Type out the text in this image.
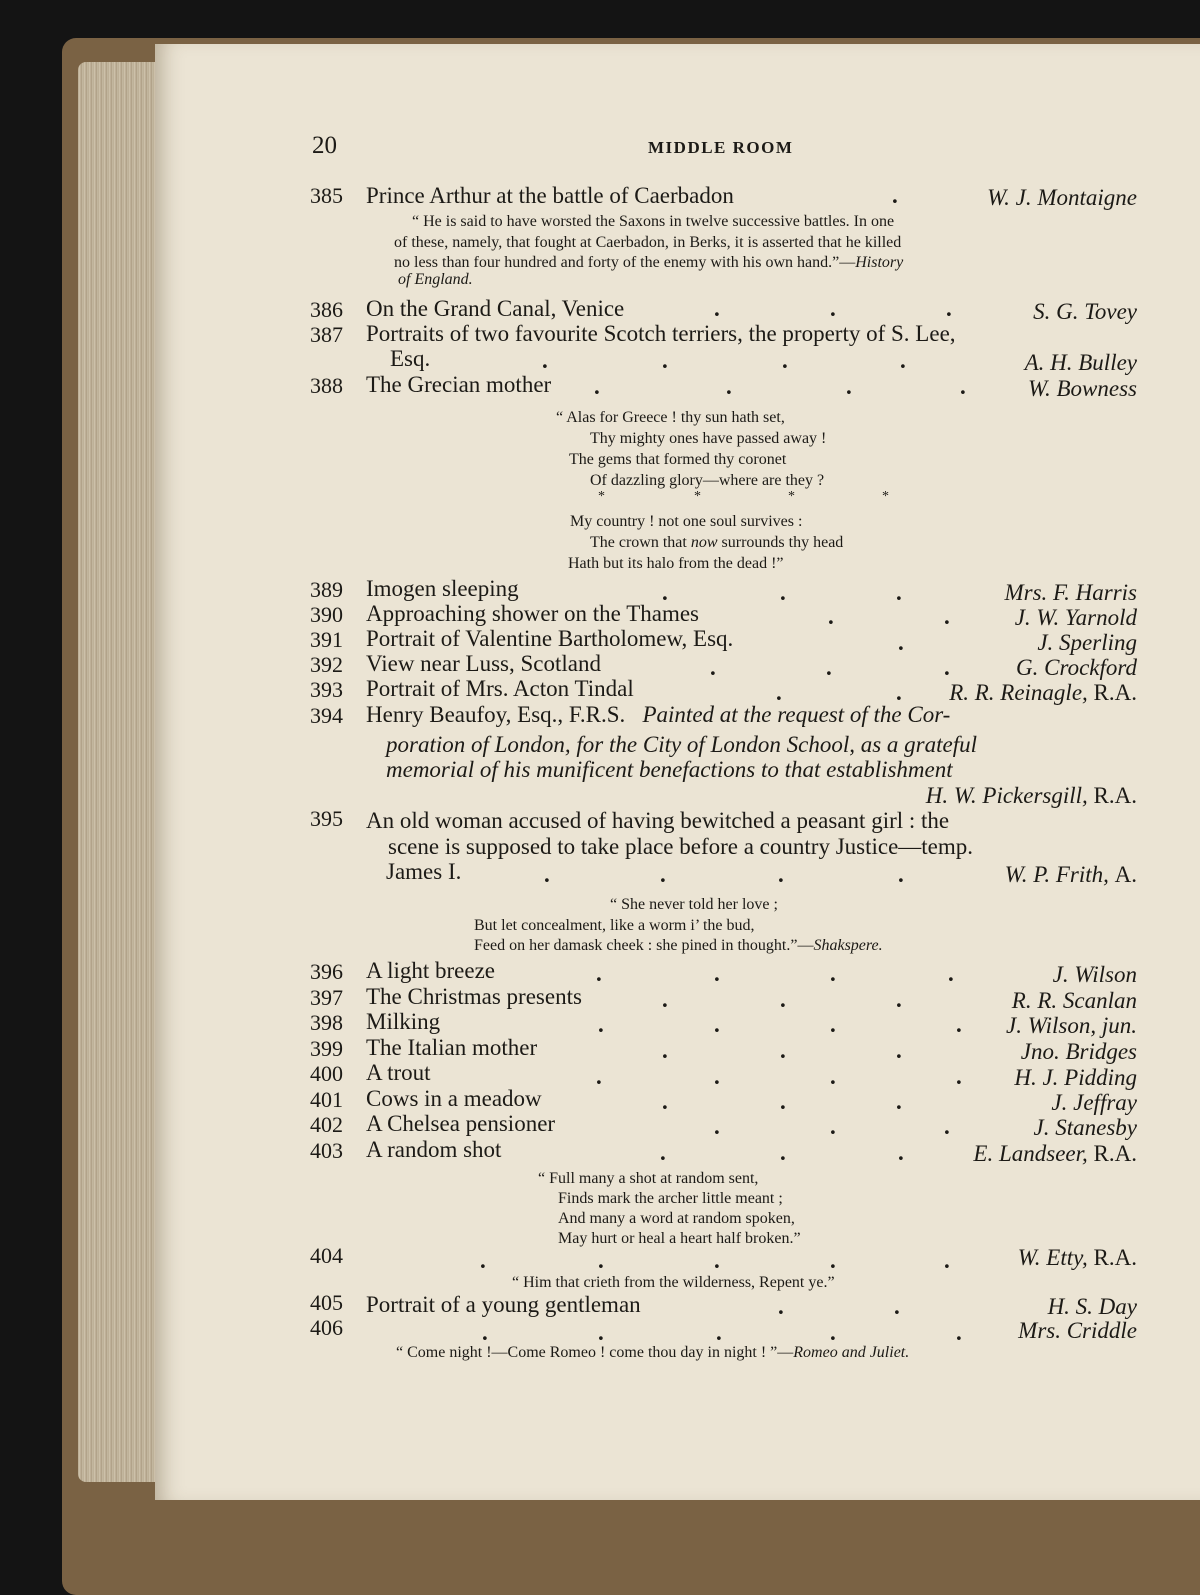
20	MIDDLE ROOM
385 Prince Arthur at the battle of Caerbadon	.	W. J. Montaigne
“ He is said to have worsted the Saxons in twelve successive battles. In one
of these, namely, that fought at Caerbadon, in Berks, it is asserted that he killed
no less than four hundred and forty of the enemy with his own hand.”—History
of England.
386 On the Grand Canal, Venice	.	.	.	S. G. Tovey
387 Portraits of two favourite Scotch terriers, the property of S. Lee,
Esq.	.	.	.	.	A. H. Bulley
388 The Grecian mother .	.	.	.	W. Bowness
“ Alas for Greece ! thy sun hath set,
Thy mighty ones have passed away !
The gems that formed thy coronet
Of dazzling glory—where are they ?
*	*	*	*
My country ! not one soul survives :
The crown that now surrounds thy head
Hath but its halo from the dead !”
389 Imogen sleeping	.	.	.	Mrs. F. Harris
390 Approaching shower on the Thames	.	.	J. W. Yarnold
391 Portrait of Valentine Bartholomew, Esq.	.	J. Sperling
392 View near Luss, Scotland	.	.	.	G. Crockford
393 Portrait of Mrs. Acton Tindal	.	. R. R. Reinagle, R.A.
394 Henry Beaufoy, Esq., F.R.S. Painted at the request of the Cor-
poration of London, for the City of London School, as a grateful
memorial of his munificent benefactions to that establishment
H. W. Pickersgill, R.A.
395 An old woman accused of having bewitched a peasant girl : the
scene is supposed to take place before a country Justice—temp.
James I.	.	.	.	.	W. P. Frith, A.
“ She never told her love ;
But let concealment, like a worm i’ the bud,
Feed on her damask cheek : she pined in thought.”—Shakspere.
396 A light breeze	.	.	.	.	J. Wilson
397 The Christmas presents	.	.	.	R. R. Scanlan
398 Milking	.	.	.	. J. Wilson, jun.
399 The Italian mother	.	.	.	Jno. Bridges
400 A trout	.	.	.	. H. J. Pidding
401 Cows in a meadow	.	.	.	J. Jeffray
402 A Chelsea pensioner	.	.	.	J. Stanesby
403 A random shot	.	.	.	E. Landseer, R.A.
“ Full many a shot at random sent,
Finds mark the archer little meant ;
And many a word at random spoken,
May hurt or heal a heart half broken.”
404	.	.	.	.	.	W. Etty, R.A.
“ Him that crieth from the wilderness, Repent ye.”
405 Portrait of a young gentleman	.	.	H. S. Day
406	.	.	.	.	. Mrs. Criddle
“ Come night !—Come Romeo ! come thou day in night ! ”—Romeo and Juliet.
